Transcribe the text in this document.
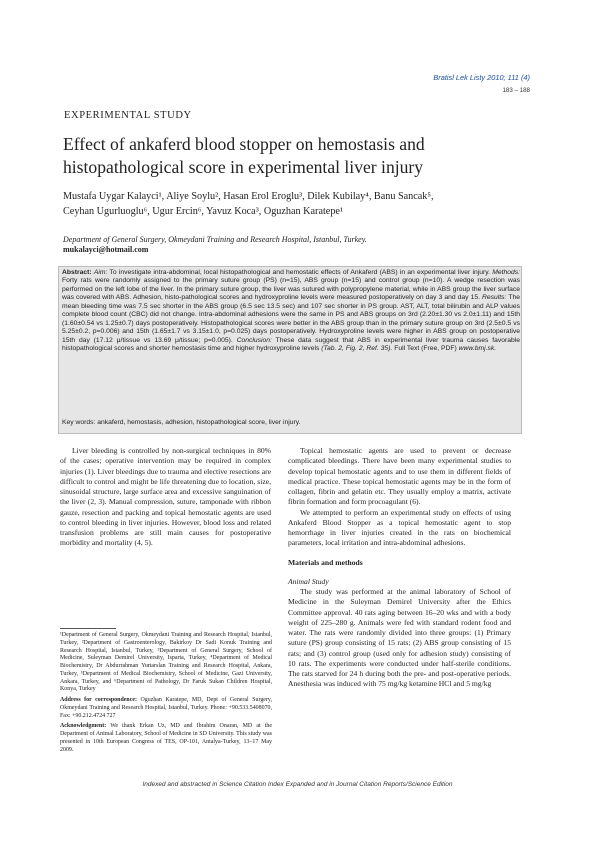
Bratisl Lek Listy 2010; 111 (4)
183 – 188
EXPERIMENTAL STUDY
Effect of ankaferd blood stopper on hemostasis and
histopathological score in experimental liver injury
Mustafa Uygar Kalayci¹, Aliye Soylu², Hasan Erol Eroglu³, Dilek Kubilay⁴, Banu Sancak⁵,
Ceyhan Ugurluoglu⁶, Ugur Ercin⁶, Yavuz Koca³, Oguzhan Karatepe¹
Department of General Surgery, Okmeydani Training and Research Hospital, Istanbul, Turkey.
mukalayci@hotmail.com

Abstract: Aim: To investigate intra-abdominal, local histopathological and hemostatic effects of Ankaferd (ABS) in an experimental liver injury. Methods: Forty rats were randomly assigned to the primary suture group (PS) (n=15), ABS group (n=15) and control group (n=10). A wedge resection was performed on the left lobe of the liver. In the primary suture group, the liver was sutured with polypropylene material, while in ABS group the liver surface was covered with ABS. Adhesion, histo-pathological scores and hydroxyproline levels were measured postoperatively on day 3 and day 15. Results: The mean bleeding time was 7.5 sec shorter in the ABS group (6.5 sec 13.5 sec) and 107 sec shorter in PS group. AST, ALT, total bilirubin and ALP values complete blood count (CBC) did not change. Intra-abdominal adhesions were the same in PS and ABS groups on 3rd (2.20±1.30 vs 2.0±1.11) and 15th (1.60±0.54 vs 1.25±0.7) days postoperatively. Histopathological scores were better in the ABS group than in the primary suture group on 3rd (2.5±0.5 vs 5.25±0.2, p=0.006) and 15th (1.65±1.7 vs 3.15±1.0, p=0.025) days postoperatively. Hydroxyproline levels were higher in ABS group on postoperative 15th day (17.12 μ/tissue vs 13.69 μ/tissue; p=0.005). Conclusion: These data suggest that ABS in experimental liver trauma causes favorable histopathological scores and shorter hemostasis time and higher hydroxyproline levels (Tab. 2, Fig. 2, Ref. 35). Full Text (Free, PDF) www.bmj.sk.

Key words: ankaferd, hemostasis, adhesion, histopathological score, liver injury.

Liver bleeding is controlled by non-surgical techniques in 80% of the cases; operative intervention may be required in complex injuries (1). Liver bleedings due to trauma and elective resections are difficult to control and might be life threatening due to location, size, sinusoidal structure, large surface area and excessive sanguination of the liver (2, 3). Manual compression, suture, tamponade with ribbon gauze, resection and packing and topical hemostatic agents are used to control bleeding in liver injuries. However, blood loss and related transfusion problems are still main causes for postoperative morbidity and mortality (4, 5).

¹Department of General Surgery, Okmeydani Training and Research Hospital, Istanbul, Turkey, ²Department of Gastroenterology, Bakirkoy Dr Sadi Konuk Training and Research Hospital, Istanbul, Turkey, ³Department of General Surgery, School of Medicine, Suleyman Demirel University, Isparta, Turkey, ⁴Department of Medical Biochemistry, Dr Abdurrahman Yurtarslan Training and Research Hospital, Ankara, Turkey, ⁵Department of Medical Biochemistry, School of Medicine, Gazi University, Ankara, Turkey, and ⁶Department of Pathology, Dr Faruk Sukan Children Hospital, Konya, Turkey

Address for correspondence: Oguzhan Karatepe, MD, Dept of General Surgery, Okmeydani Training and Research Hospital, Istanbul, Turkey. Phone: +90.533.5408070, Fax: +90.212.4724 727

Acknowledgment: We thank Erkan Uz, MD and Ibrahim Onaran, MD at the Department of Animal Laboratory, School of Medicine in SD University. This study was presented in 10th European Congress of TES, OP-101, Antalya-Turkey, 13–17 May 2009.

Topical hemostatic agents are used to prevent or decrease complicated bleedings. There have been many experimental studies to develop topical hemostatic agents and to use them in different fields of medical practice. These topical hemostatic agents may be in the form of collagen, fibrin and gelatin etc. They usually employ a matrix, activate fibrin formation and form procoagulant (6).

We attempted to perform an experimental study on effects of using Ankaferd Blood Stopper as a topical hemostatic agent to stop hemorrhage in liver injuries created in the rats on biochemical parameters, local irritation and intra-abdominal adhesions.

Materials and methods

Animal Study

The study was performed at the animal laboratory of School of Medicine in the Suleyman Demirel University after the Ethics Committee approval. 40 rats aging between 16–20 wks and with a body weight of 225–280 g. Animals were fed with standard rodent food and water. The rats were randomly divided into three groups: (1) Primary suture (PS) group consisting of 15 rats; (2) ABS group consisting of 15 rats; and (3) control group (used only for adhesion study) consisting of 10 rats. The experiments were conducted under half-sterile conditions. The rats starved for 24 h during both the pre- and post-operative periods. Anesthesia was induced with 75 mg/kg ketamine HCl and 5 mg/kg

Indexed and abstracted in Science Citation Index Expanded and in Journal Citation Reports/Science Edition
